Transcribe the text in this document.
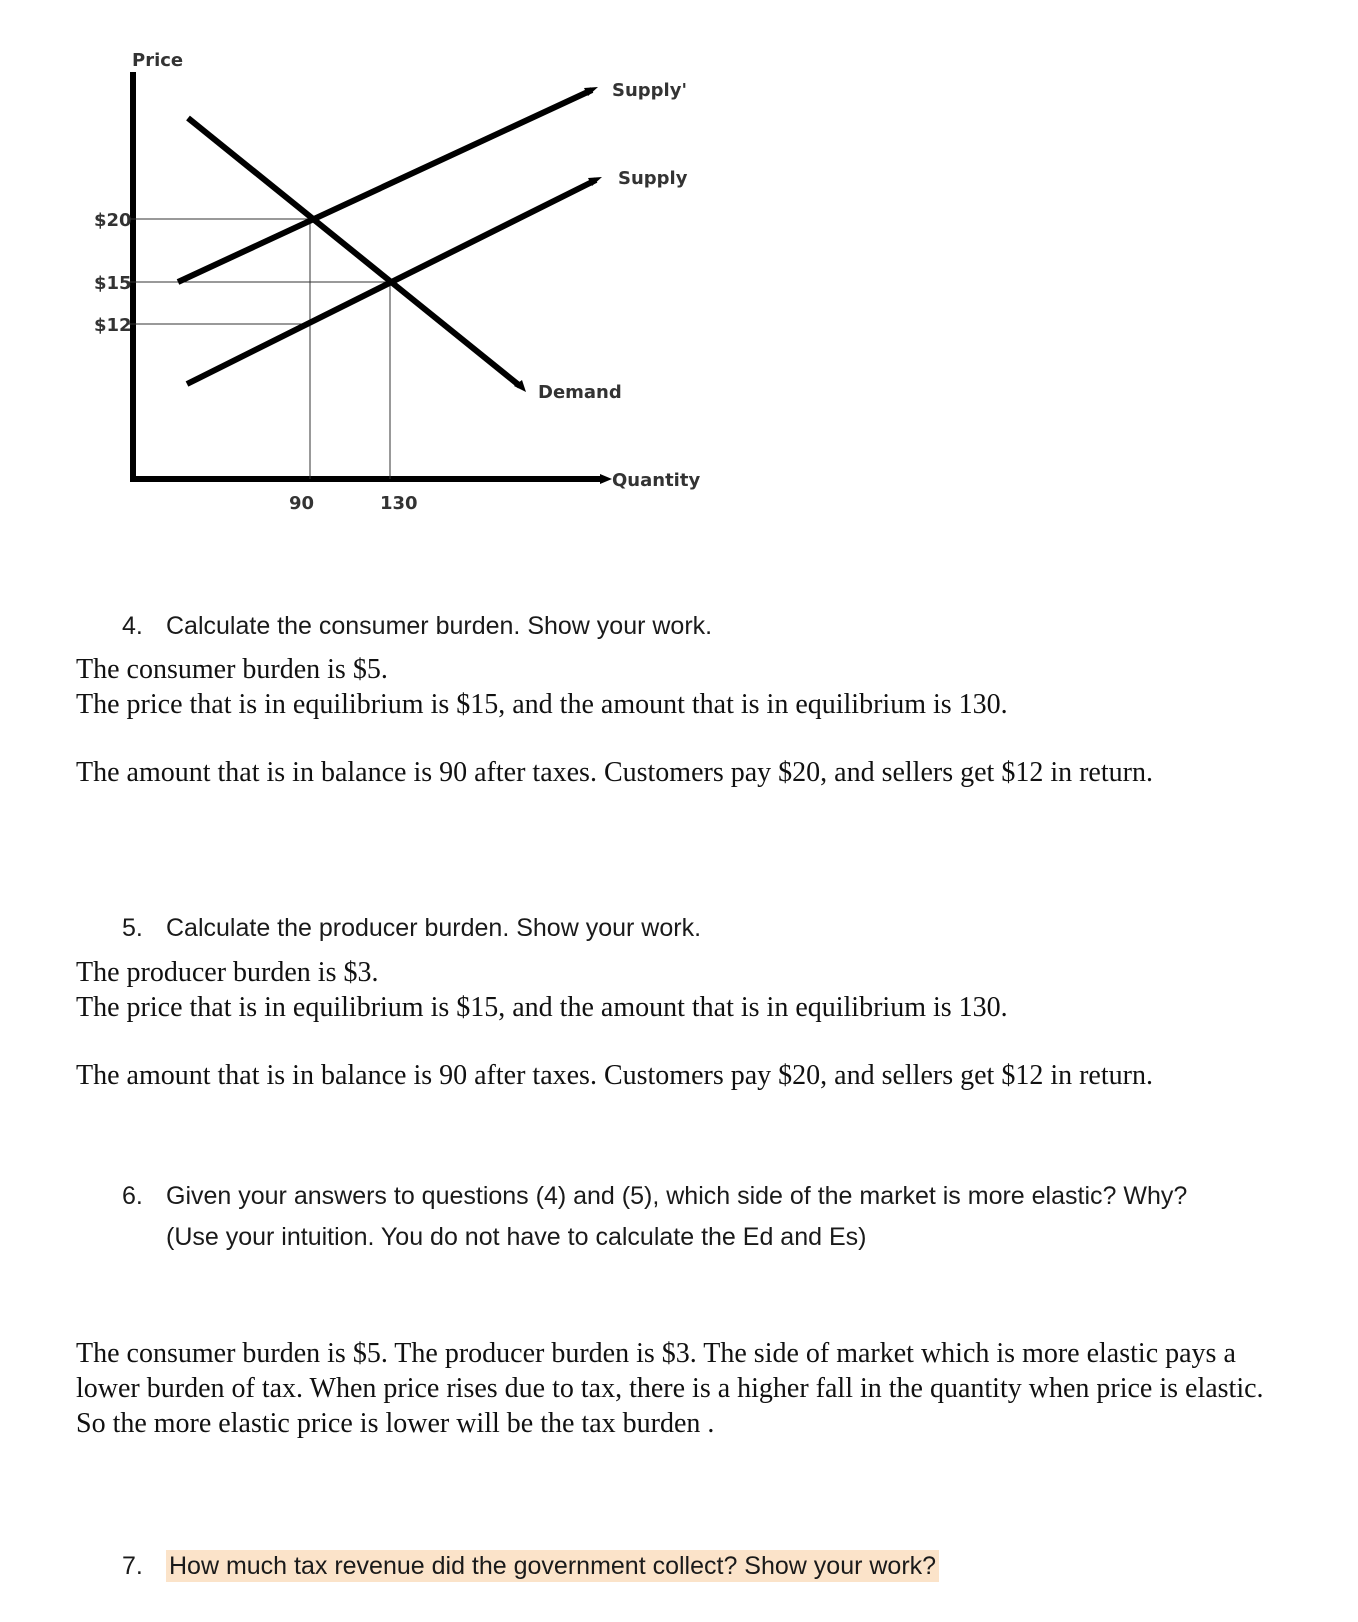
Price
$20
$15
$12
90	130
Quantity
Supply'
Supply
Demand
4. Calculate the consumer burden. Show your work.
The consumer burden is $5.
The price that is in equilibrium is $15, and the amount that is in equilibrium is 130.
The amount that is in balance is 90 after taxes. Customers pay $20, and sellers get $12 in return.
5. Calculate the producer burden. Show your work.
The producer burden is $3.
The price that is in equilibrium is $15, and the amount that is in equilibrium is 130.
The amount that is in balance is 90 after taxes. Customers pay $20, and sellers get $12 in return.
6. Given your answers to questions (4) and (5), which side of the market is more elastic? Why? (Use your intuition. You do not have to calculate the Ed and Es)
The consumer burden is $5. The producer burden is $3. The side of market which is more elastic pays a lower burden of tax. When price rises due to tax, there is a higher fall in the quantity when price is elastic. So the more elastic price is lower will be the tax burden .
7. How much tax revenue did the government collect? Show your work?
